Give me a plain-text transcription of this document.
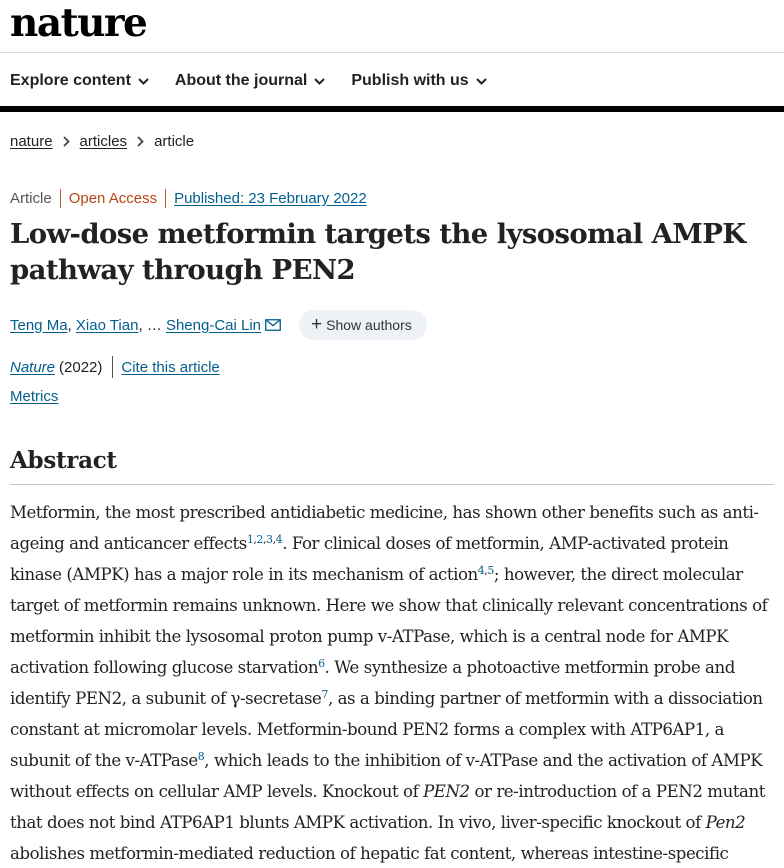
nature
Explore content	About the journal	Publish with us
nature articles article
Article Open Access Published: 23 February 2022
Low-dose metformin targets the lysosomal AMPK pathway through PEN2
Teng Ma , Xiao Tian , … Sheng-Cai Lin	+ Show authors
Nature (2022) Cite this article
Metrics
Abstract

Metformin, the most prescribed antidiabetic medicine, has shown other benefits such as anti-ageing and anticancer effects$^{1,2,3,4}$. For clinical doses of metformin, AMP-activated protein kinase (AMPK) has a major role in its mechanism of action$^{4,5}$; however, the direct molecular target of metformin remains unknown. Here we show that clinically relevant concentrations of metformin inhibit the lysosomal proton pump v-ATPase, which is a central node for AMPK activation following glucose starvation$^6$. We synthesize a photoactive metformin probe and identify PEN2, a subunit of γ-secretase$^7$, as a binding partner of metformin with a dissociation constant at micromolar levels. Metformin-bound PEN2 forms a complex with ATP6AP1, a subunit of the v-ATPase$^8$, which leads to the inhibition of v-ATPase and the activation of AMPK without effects on cellular AMP levels. Knockout of PEN2 or re-introduction of a PEN2 mutant that does not bind ATP6AP1 blunts AMPK activation. In vivo, liver-specific knockout of Pen2 abolishes metformin-mediated reduction of hepatic fat content, whereas intestine-specific
